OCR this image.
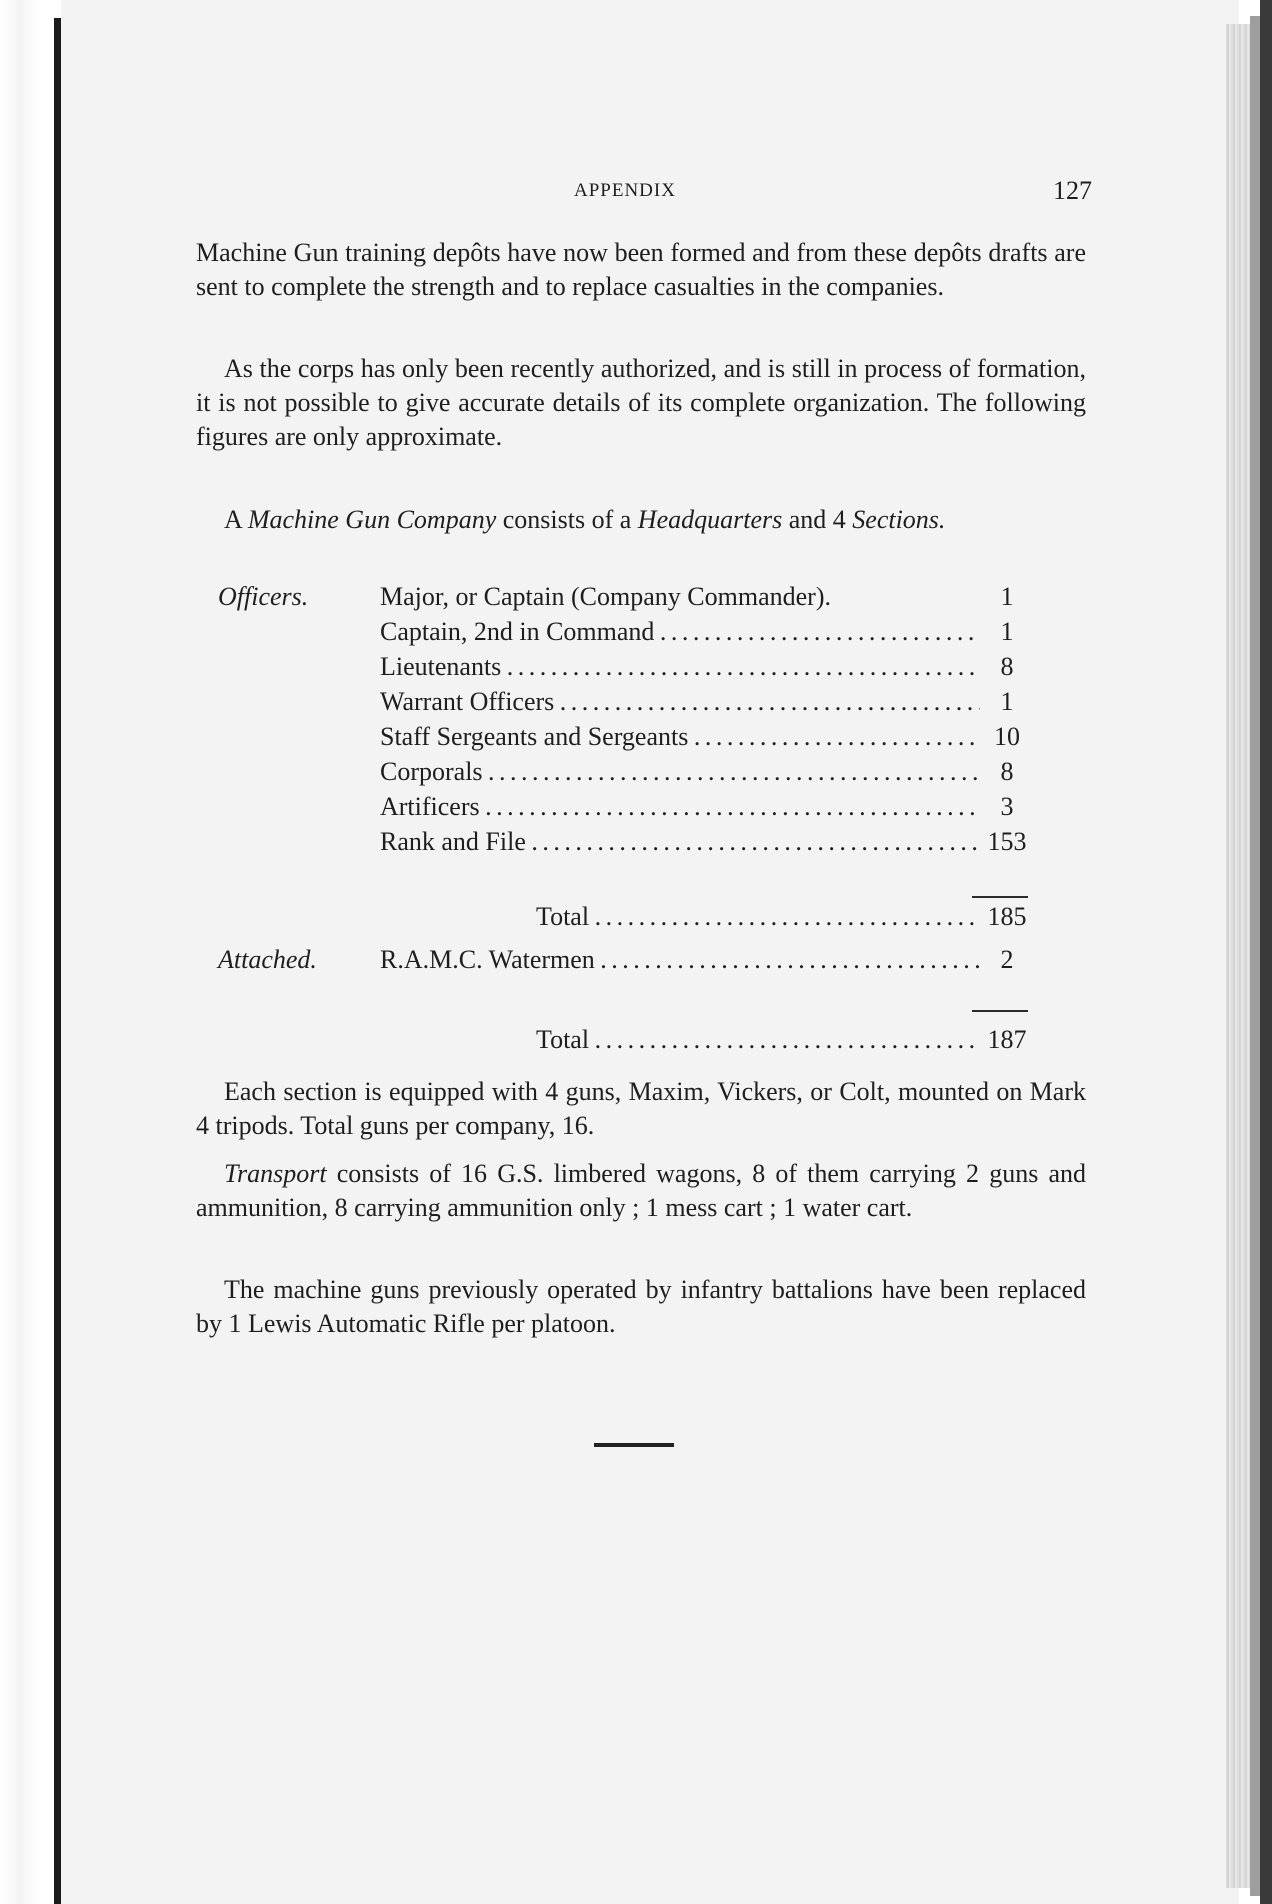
APPENDIX	127

Machine Gun training depôts have now been formed and from these depôts drafts are sent to complete the strength and to replace casualties in the companies.

As the corps has only been recently authorized, and is still in process of formation, it is not possible to give accurate details of its complete organization. The following figures are only approximate.

A Machine Gun Company consists of a Headquarters and 4 Sections.

Officers.	Major, or Captain (Company Commander).	1
Captain, 2nd in Command . . .	1
Lieutenants . . .	8
Warrant Officers . . .	1
Staff Sergeants and Sergeants . . .	10
Corporals . . .	8
Artificers . . .	3
Rank and File . . .	153
Total . . .	185
Attached. R.A.M.C. Watermen . . .	2
Total . . .	187

Each section is equipped with 4 guns, Maxim, Vickers, or Colt, mounted on Mark 4 tripods. Total guns per company, 16.

Transport consists of 16 G.S. limbered wagons, 8 of them carrying 2 guns and ammunition, 8 carrying ammunition only ; 1 mess cart ; 1 water cart.

The machine guns previously operated by infantry battalions have been replaced by 1 Lewis Automatic Rifle per platoon.
